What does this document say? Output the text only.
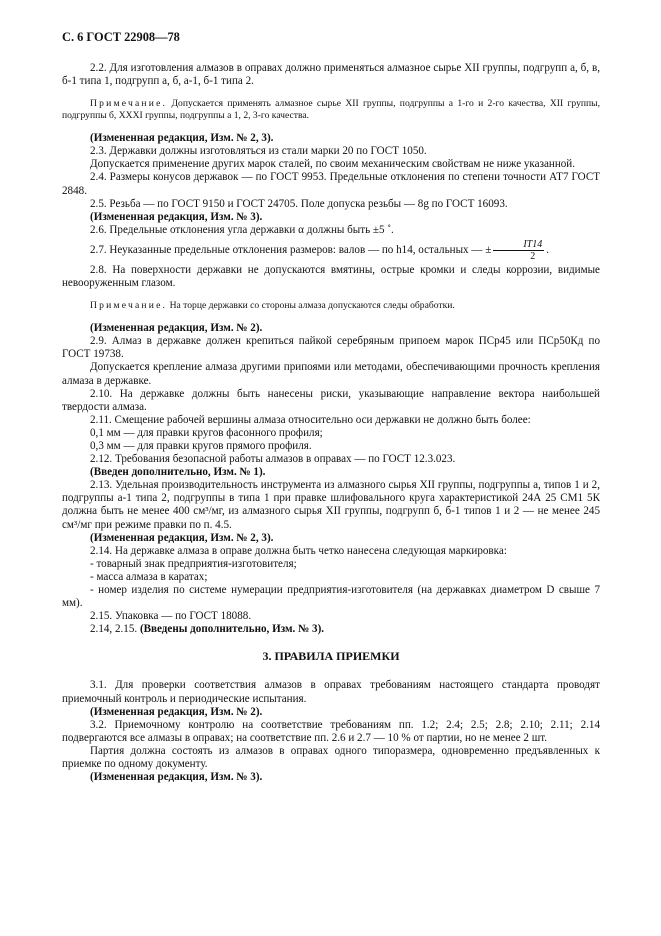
С. 6 ГОСТ 22908—78

2.2. Для изготовления алмазов в оправах должно применяться алмазное сырье XII группы, подгрупп а, б, в, б-1 типа 1, подгрупп а, б, а-1, б-1 типа 2.

Примечание. Допускается применять алмазное сырье XII группы, подгруппы а 1-го и 2-го качества, XII группы, подгруппы б, XXXI группы, подгруппы а 1, 2, 3-го качества.

(Измененная редакция, Изм. № 2, 3).

2.3. Державки должны изготовляться из стали марки 20 по ГОСТ 1050.

Допускается применение других марок сталей, по своим механическим свойствам не ниже указанной.

2.4. Размеры конусов державок — по ГОСТ 9953. Предельные отклонения по степени точности АТ7 ГОСТ 2848.

2.5. Резьба — по ГОСТ 9150 и ГОСТ 24705. Поле допуска резьбы — 8g по ГОСТ 16093.

(Измененная редакция, Изм. № 3).

2.6. Предельные отклонения угла державки α должны быть ±5 ˚.

2.7. Неуказанные предельные отклонения размеров: валов — по h14, остальных — ± $\frac{IT14}{2}$ .

2.8. На поверхности державки не допускаются вмятины, острые кромки и следы коррозии, видимые невооруженным глазом.

Примечание. На торце державки со стороны алмаза допускаются следы обработки.

(Измененная редакция, Изм. № 2).

2.9. Алмаз в державке должен крепиться пайкой серебряным припоем марок ПСр45 или ПСр50Кд по ГОСТ 19738.

Допускается крепление алмаза другими припоями или методами, обеспечивающими прочность крепления алмаза в державке.

2.10. На державке должны быть нанесены риски, указывающие направление вектора наибольшей твердости алмаза.

2.11. Смещение рабочей вершины алмаза относительно оси державки не должно быть более:

0,1 мм — для правки кругов фасонного профиля;

0,3 мм — для правки кругов прямого профиля.

2.12. Требования безопасной работы алмазов в оправах — по ГОСТ 12.3.023.

(Введен дополнительно, Изм. № 1).

2.13. Удельная производительность инструмента из алмазного сырья XII группы, подгруппы а, типов 1 и 2, подгруппы а-1 типа 2, подгруппы в типа 1 при правке шлифовального круга характеристикой 24А 25 СМ1 5К должна быть не менее 400 см³/мг, из алмазного сырья XII группы, подгрупп б, б-1 типов 1 и 2 — не менее 245 см³/мг при режиме правки по п. 4.5.

(Измененная редакция, Изм. № 2, 3).

2.14. На державке алмаза в оправе должна быть четко нанесена следующая маркировка:

- товарный знак предприятия-изготовителя;

- масса алмаза в каратах;

- номер изделия по системе нумерации предприятия-изготовителя (на державках диаметром D свыше 7 мм).

2.15. Упаковка — по ГОСТ 18088.

2.14, 2.15. (Введены дополнительно, Изм. № 3).

3. ПРАВИЛА ПРИЕМКИ

3.1. Для проверки соответствия алмазов в оправах требованиям настоящего стандарта проводят приемочный контроль и периодические испытания.

(Измененная редакция, Изм. № 2).

3.2. Приемочному контролю на соответствие требованиям пп. 1.2; 2.4; 2.5; 2.8; 2.10; 2.11; 2.14 подвергаются все алмазы в оправах; на соответствие пп. 2.6 и 2.7 — 10 % от партии, но не менее 2 шт.

Партия должна состоять из алмазов в оправах одного типоразмера, одновременно предъявленных к приемке по одному документу.

(Измененная редакция, Изм. № 3).
